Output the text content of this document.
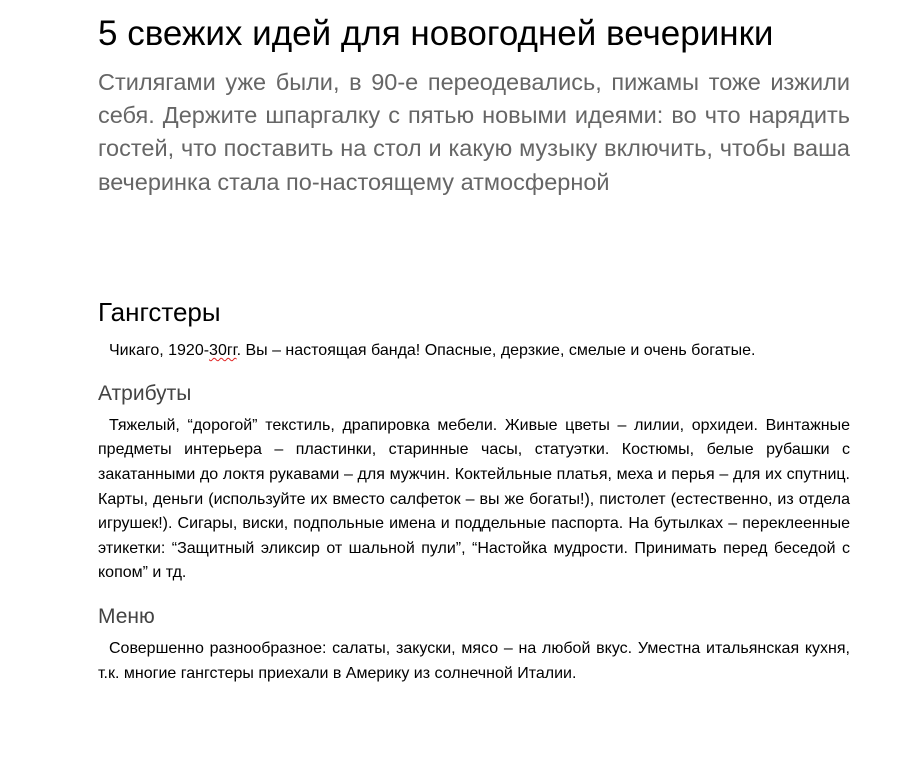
5 свежих идей для новогодней вечеринки

Стилягами уже были, в 90-е переодевались, пижамы тоже изжили себя. Держите шпаргалку с пятью новыми идеями: во что нарядить гостей, что поставить на стол и какую музыку включить, чтобы ваша вечеринка стала по-настоящему атмосферной

Гангстеры

Чикаго, 1920-30гг. Вы – настоящая банда! Опасные, дерзкие, смелые и очень богатые.

Атрибуты

Тяжелый, “дорогой” текстиль, драпировка мебели. Живые цветы – лилии, орхидеи. Винтажные предметы интерьера – пластинки, старинные часы, статуэтки. Костюмы, белые рубашки с закатанными до локтя рукавами – для мужчин. Коктейльные платья, меха и перья – для их спутниц. Карты, деньги (используйте их вместо салфеток – вы же богаты!), пистолет (естественно, из отдела игрушек!). Сигары, виски, подпольные имена и поддельные паспорта. На бутылках – переклеенные этикетки: “Защитный эликсир от шальной пули”, “Настойка мудрости. Принимать перед беседой с копом” и тд.

Меню

Совершенно разнообразное: салаты, закуски, мясо – на любой вкус. Уместна итальянская кухня, т.к. многие гангстеры приехали в Америку из солнечной Италии.
